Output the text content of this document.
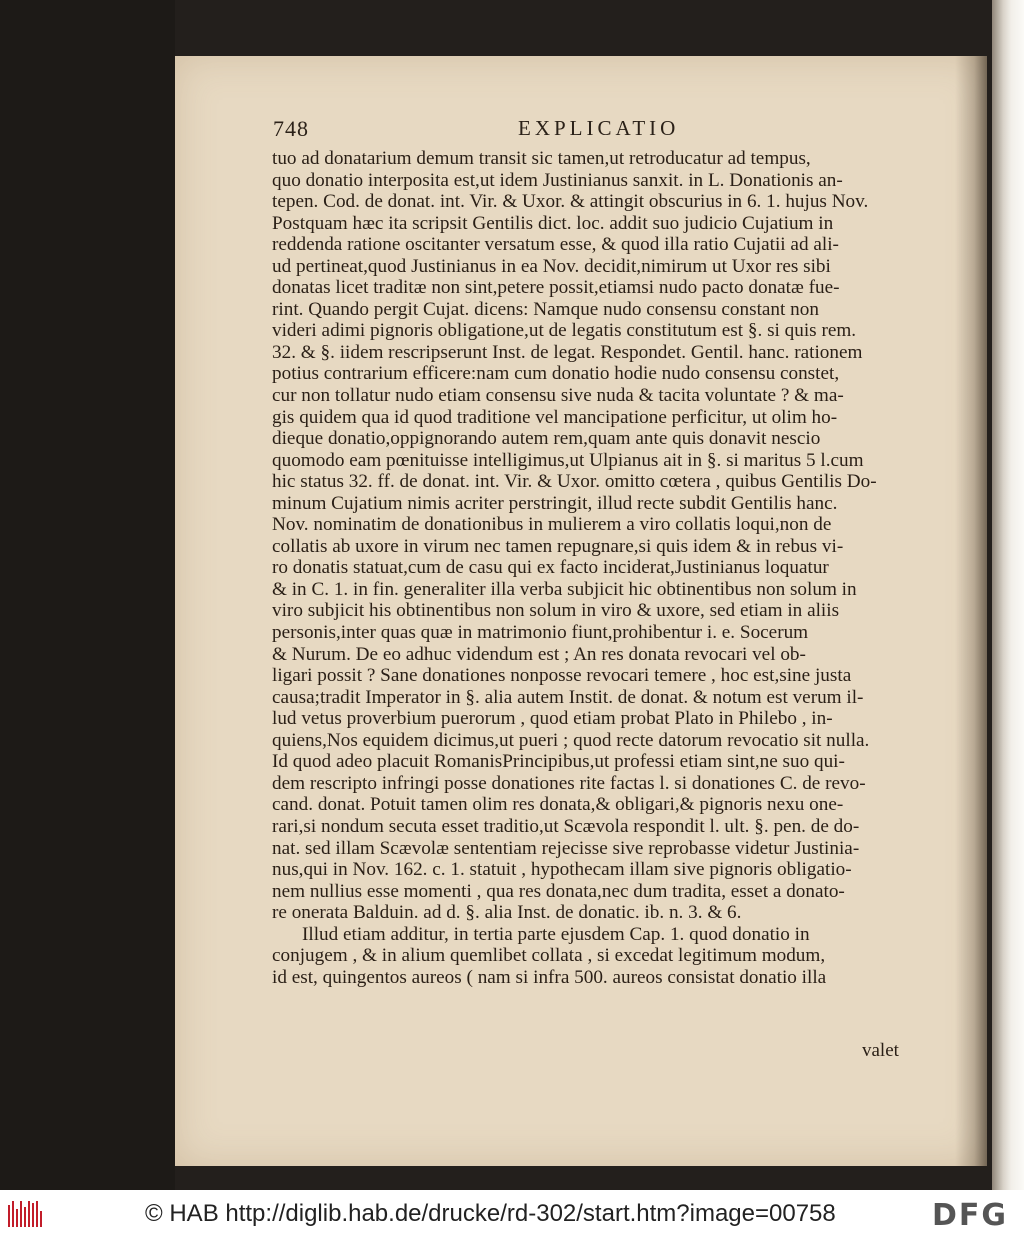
748	EXPLICATIO
tuo ad donatarium demum transit sic tamen,ut retroducatur ad tempus,
quo donatio interposita est,ut idem Justinianus sanxit. in L. Donationis an-
tepen. Cod. de donat. int. Vir. & Uxor. & attingit obscurius in 6. 1. hujus Nov.
Postquam hæc ita scripsit Gentilis dict. loc. addit suo judicio Cujatium in
reddenda ratione oscitanter versatum esse, & quod illa ratio Cujatii ad ali-
ud pertineat,quod Justinianus in ea Nov. decidit,nimirum ut Uxor res sibi
donatas licet traditæ non sint,petere possit,etiamsi nudo pacto donatæ fue-
rint. Quando pergit Cujat. dicens: Namque nudo consensu constant non
videri adimi pignoris obligatione,ut de legatis constitutum est §. si quis rem.
32. & §. iidem rescripserunt Inst. de legat. Respondet. Gentil. hanc. rationem
potius contrarium efficere:nam cum donatio hodie nudo consensu constet,
cur non tollatur nudo etiam consensu sive nuda & tacita voluntate ? & ma-
gis quidem qua id quod traditione vel mancipatione perficitur, ut olim ho-
dieque donatio,oppignorando autem rem,quam ante quis donavit nescio
quomodo eam pœnituisse intelligimus,ut Ulpianus ait in §. si maritus 5 l.cum
hic status 32. ff. de donat. int. Vir. & Uxor. omitto cœtera , quibus Gentilis Do-
minum Cujatium nimis acriter perstringit, illud recte subdit Gentilis hanc.
Nov. nominatim de donationibus in mulierem a viro collatis loqui,non de
collatis ab uxore in virum nec tamen repugnare,si quis idem & in rebus vi-
ro donatis statuat,cum de casu qui ex facto inciderat,Justinianus loquatur
& in C. 1. in fin. generaliter illa verba subjicit hic obtinentibus non solum in
viro subjicit his obtinentibus non solum in viro & uxore, sed etiam in aliis
personis,inter quas quæ in matrimonio fiunt,prohibentur i. e. Socerum
& Nurum. De eo adhuc videndum est ; An res donata revocari vel ob-
ligari possit ? Sane donationes nonposse revocari temere , hoc est,sine justa
causa;tradit Imperator in §. alia autem Instit. de donat. & notum est verum il-
lud vetus proverbium puerorum , quod etiam probat Plato in Philebo , in-
quiens,Nos equidem dicimus,ut pueri ; quod recte datorum revocatio sit nulla.
Id quod adeo placuit RomanisPrincipibus,ut professi etiam sint,ne suo qui-
dem rescripto infringi posse donationes rite factas l. si donationes C. de revo-
cand. donat. Potuit tamen olim res donata,& obligari,& pignoris nexu one-
rari,si nondum secuta esset traditio,ut Scævola respondit l. ult. §. pen. de do-
nat. sed illam Scævolæ sententiam rejecisse sive reprobasse videtur Justinia-
nus,qui in Nov. 162. c. 1. statuit , hypothecam illam sive pignoris obligatio-
nem nullius esse momenti , qua res donata,nec dum tradita, esset a donato-
re onerata Balduin. ad d. §. alia Inst. de donatic. ib. n. 3. & 6.
Illud etiam additur, in tertia parte ejusdem Cap. 1. quod donatio in
conjugem , & in alium quemlibet collata , si excedat legitimum modum,
id est, quingentos aureos ( nam si infra 500. aureos consistat donatio illa
valet
© HAB http://diglib.hab.de/drucke/rd-302/start.htm?image=00758	DFG
